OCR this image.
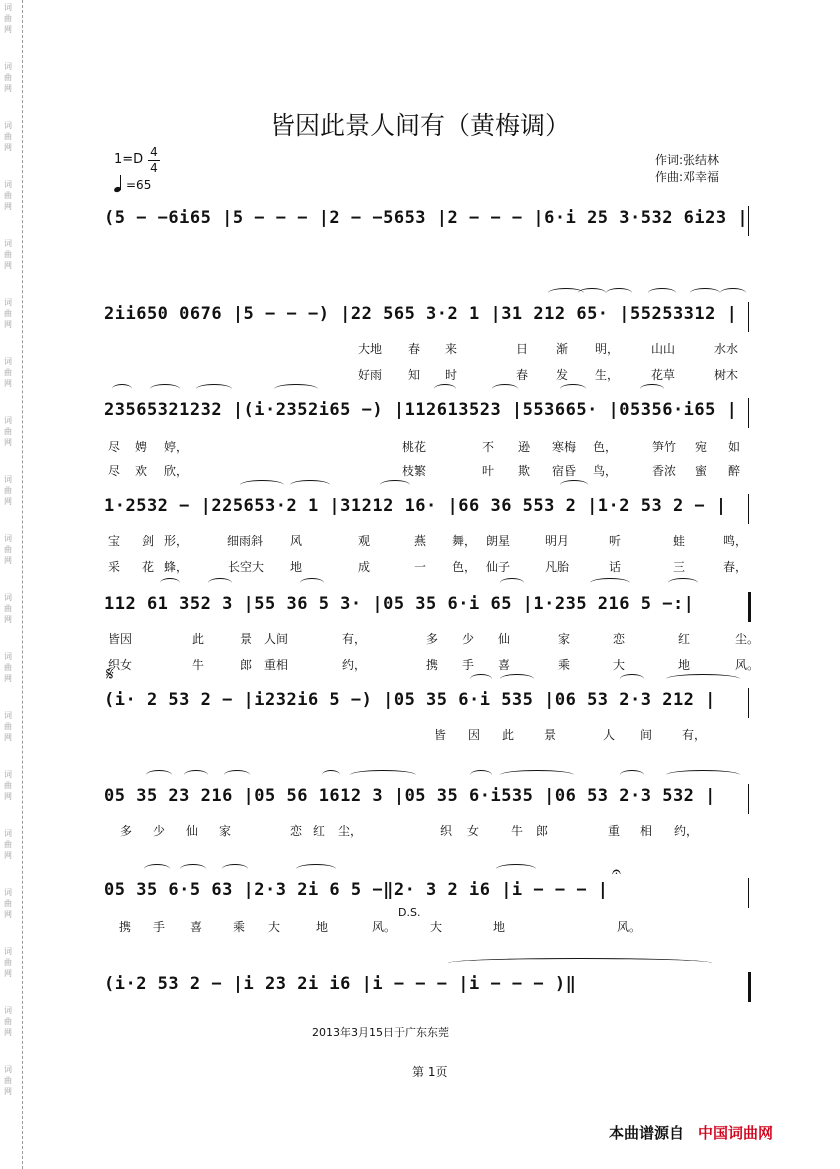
词曲网
词曲网
词曲网
词曲网
词曲网
词曲网
词曲网
词曲网
词曲网
词曲网
词曲网
词曲网
词曲网
词曲网
词曲网
词曲网
词曲网
词曲网
词曲网
皆因此景人间有（黄梅调）
1=D 4
4
=65
作词:张结林
作曲:邓幸福
(5 − −6i65 |5 − − − |2 − −5653 |2 − − − |6·i 25 3·532 6i23 |
2ii650 0676 |5 − − −) |22 565 3·2 1 |31 212 65· |55253312 |
23565321232 |(i·2352i65 −) |112613523 |553665· |05356·i65 |
1·2532 − |225653·2 1 |31212 16· |66 36 553 2 |1·2 53 2 − |
112 61 352 3 |55 36 5 3· |05 35 6·i 65 |1·235 216 5 −:|
(i· 2 53 2 − |i232i6 5 −) |05 35 6·i 535 |06 53 2·3 212 |
05 35 23 216 |05 56 1612 3 |05 35 6·i535 |06 53 2·3 532 |
05 35 6·5 63 |2·3 2i 6 5 −‖2· 3 2 i6 |i − − − |
(i·2 53 2 − |i 23 2i i6 |i − − − |i − − − )‖
大地 春 来	日 渐 明，	山山	水水
好雨 知 时	春 发 生，	花草	树木
尽 娉 婷，	桃花	不 逊 寒梅 色，	笋竹 宛 如
尽 欢 欣，	枝繁	叶 欺 宿昏 鸟，	香浓 蜜 醉
宝 剑 形，	细雨斜 风	观	燕 舞， 朗星	明月	听	蛙	鸣，
采 花 蜂，	长空大 地	成	一 色， 仙子	凡胎	话	三	春，
皆因	此	景 人间	有，	多 少 仙	家	恋	红	尘。
织女	牛	郎 重相	约，	携 手 喜	乘	大	地	风。
皆 因 此 景	人 间 有，
多 少 仙 家	恋 红 尘，	织 女	牛 郎	重 相 约，
携 手 喜	乘 大	地	风。	大	地	风。
D.S.
𝄋
𝄐
2013年3月15日于广东东莞
第 1页
本曲谱源自 中国词曲网
